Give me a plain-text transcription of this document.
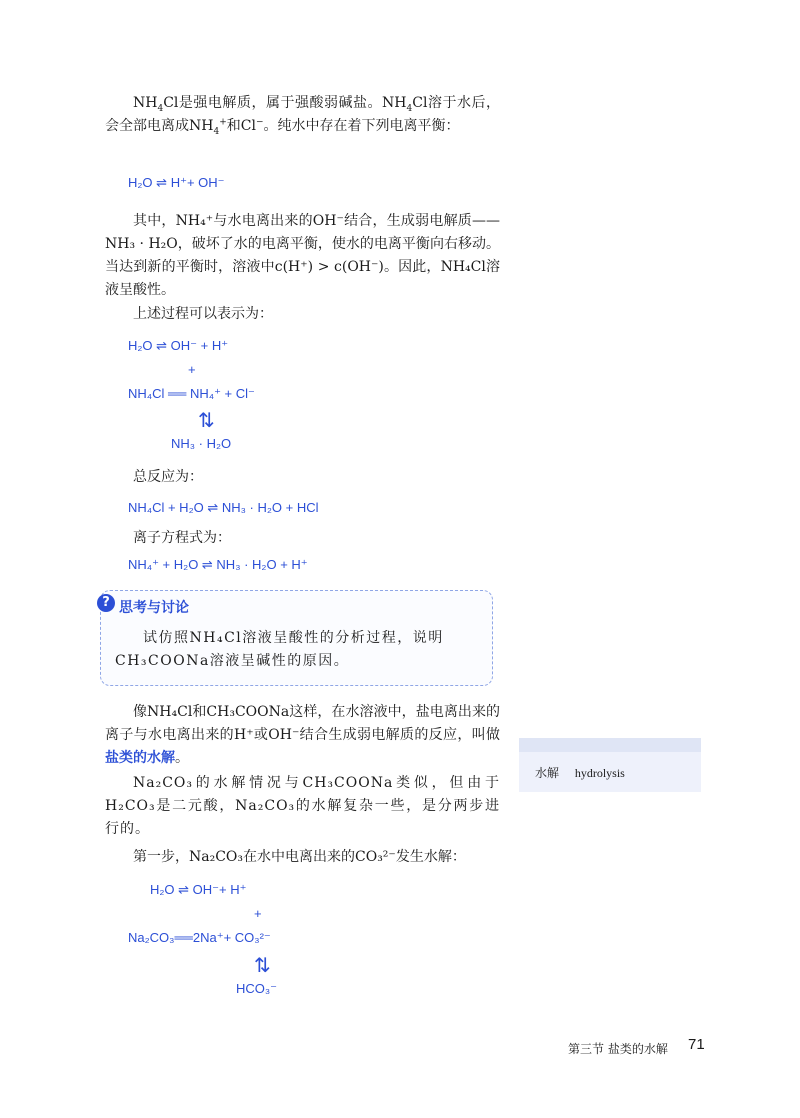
$NH_4Cl$是强电解质，属于强酸弱碱盐。$NH_4Cl$溶于水后，会全部电离成$NH_4^+$和Cl−。纯水中存在着下列电离平衡：
H₂O ⇌ H⁺+ OH⁻
其中，NH₄⁺与水电离出来的OH⁻结合，生成弱电解质——NH₃ · H₂O，破坏了水的电离平衡，使水的电离平衡向右移动。当达到新的平衡时，溶液中c(H⁺) > c(OH⁻)。因此，NH₄Cl溶液呈酸性。
上述过程可以表示为：
H₂O ⇌ OH⁻ + H⁺
+
NH₄Cl ══ NH₄⁺ + Cl⁻
⇅
NH₃ · H₂O
总反应为：
NH₄Cl + H₂O ⇌ NH₃ · H₂O + HCl
离子方程式为：
NH₄⁺ + H₂O ⇌ NH₃ · H₂O + H⁺
? 思考与讨论
试仿照NH₄Cl溶液呈酸性的分析过程，说明CH₃COONa溶液呈碱性的原因。
像NH₄Cl和CH₃COONa这样，在水溶液中，盐电离出来的离子与水电离出来的H⁺或OH⁻结合生成弱电解质的反应，叫做盐类的水解。
Na₂CO₃的水解情况与CH₃COONa类似，但由于H₂CO₃是二元酸，Na₂CO₃的水解复杂一些，是分两步进行的。
第一步，Na₂CO₃在水中电离出来的CO₃²⁻发生水解：
H₂O ⇌ OH⁻+ H⁺
+
Na₂CO₃══2Na⁺+ CO₃²⁻
⇅
HCO₃⁻
水解 hydrolysis
第三节 盐类的水解 71
